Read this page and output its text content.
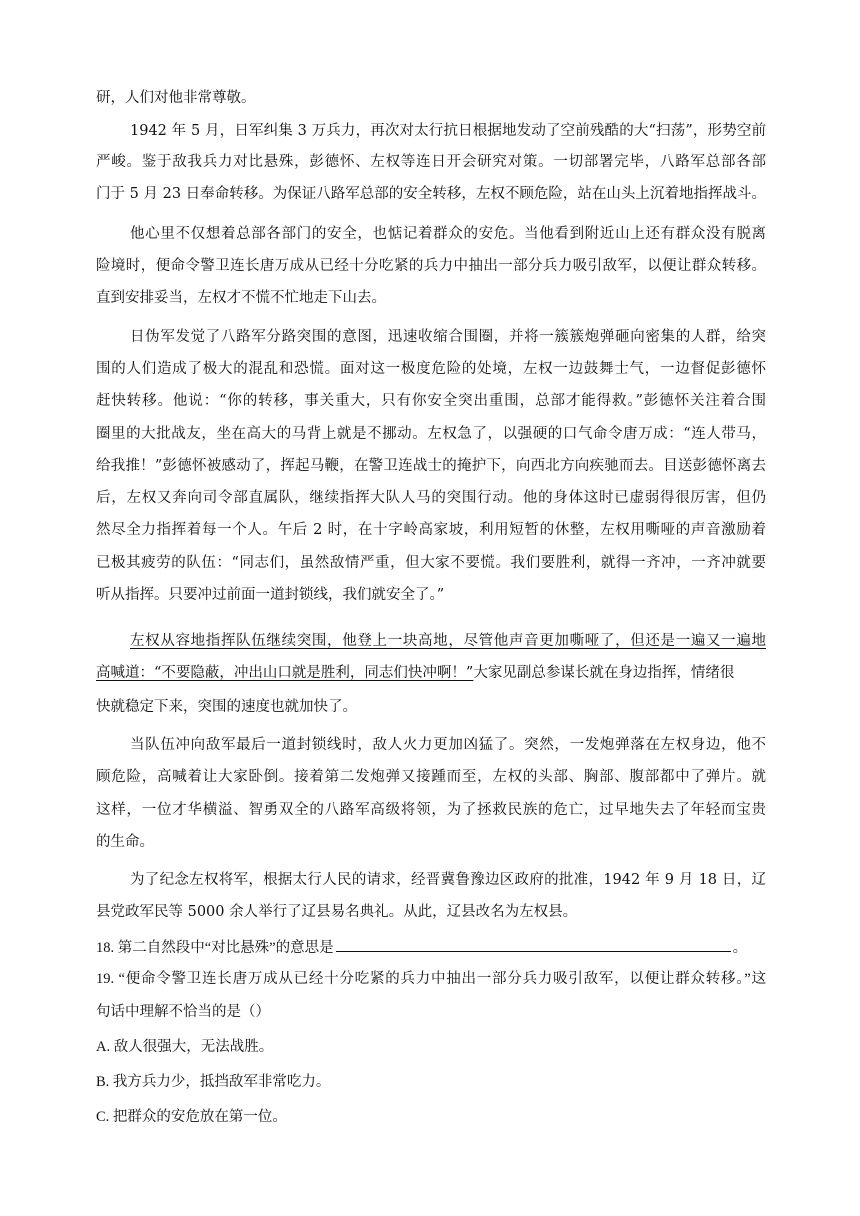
研，人们对他非常尊敬。
1942 年 5 月，日军纠集 3 万兵力，再次对太行抗日根据地发动了空前残酷的大“扫荡”，形势空前
严峻。鉴于敌我兵力对比悬殊，彭德怀、左权等连日开会研究对策。一切部署完毕，八路军总部各部
门于 5 月 23 日奉命转移。为保证八路军总部的安全转移，左权不顾危险，站在山头上沉着地指挥战斗。
他心里不仅想着总部各部门的安全，也惦记着群众的安危。当他看到附近山上还有群众没有脱离
险境时，便命令警卫连长唐万成从已经十分吃紧的兵力中抽出一部分兵力吸引敌军，以便让群众转移。
直到安排妥当，左权才不慌不忙地走下山去。
日伪军发觉了八路军分路突围的意图，迅速收缩合围圈，并将一簇簇炮弹砸向密集的人群，给突
围的人们造成了极大的混乱和恐慌。面对这一极度危险的处境，左权一边鼓舞士气，一边督促彭德怀
赶快转移。他说：“你的转移，事关重大，只有你安全突出重围，总部才能得救。”彭德怀关注着合围
圈里的大批战友，坐在高大的马背上就是不挪动。左权急了，以强硬的口气命令唐万成：“连人带马，
给我推！”彭德怀被感动了，挥起马鞭，在警卫连战士的掩护下，向西北方向疾驰而去。目送彭德怀离去
后，左权又奔向司令部直属队，继续指挥大队人马的突围行动。他的身体这时已虚弱得很厉害，但仍
然尽全力指挥着每一个人。午后 2 时，在十字岭高家坡，利用短暂的休整，左权用嘶哑的声音激励着
已极其疲劳的队伍：“同志们，虽然敌情严重，但大家不要慌。我们要胜利，就得一齐冲，一齐冲就要
听从指挥。只要冲过前面一道封锁线，我们就安全了。”
左权从容地指挥队伍继续突围，他登上一块高地，尽管他声音更加嘶哑了，但还是一遍又一遍地
高喊道：“不要隐蔽，冲出山口就是胜利，同志们快冲啊！”大家见副总参谋长就在身边指挥，情绪很
快就稳定下来，突围的速度也就加快了。
当队伍冲向敌军最后一道封锁线时，敌人火力更加凶猛了。突然，一发炮弹落在左权身边，他不
顾危险，高喊着让大家卧倒。接着第二发炮弹又接踵而至，左权的头部、胸部、腹部都中了弹片。就
这样，一位才华横溢、智勇双全的八路军高级将领，为了拯救民族的危亡，过早地失去了年轻而宝贵
的生命。
为了纪念左权将军，根据太行人民的请求，经晋冀鲁豫边区政府的批准，1942 年 9 月 18 日，辽
县党政军民等 5000 余人举行了辽县易名典礼。从此，辽县改名为左权县。
18. 第二自然段中“对比悬殊”的意思是	。
19. “便命令警卫连长唐万成从已经十分吃紧的兵力中抽出一部分兵力吸引敌军，以便让群众转移。”这
句话中理解不恰当的是（）
A. 敌人很强大，无法战胜。
B. 我方兵力少，抵挡敌军非常吃力。
C. 把群众的安危放在第一位。
